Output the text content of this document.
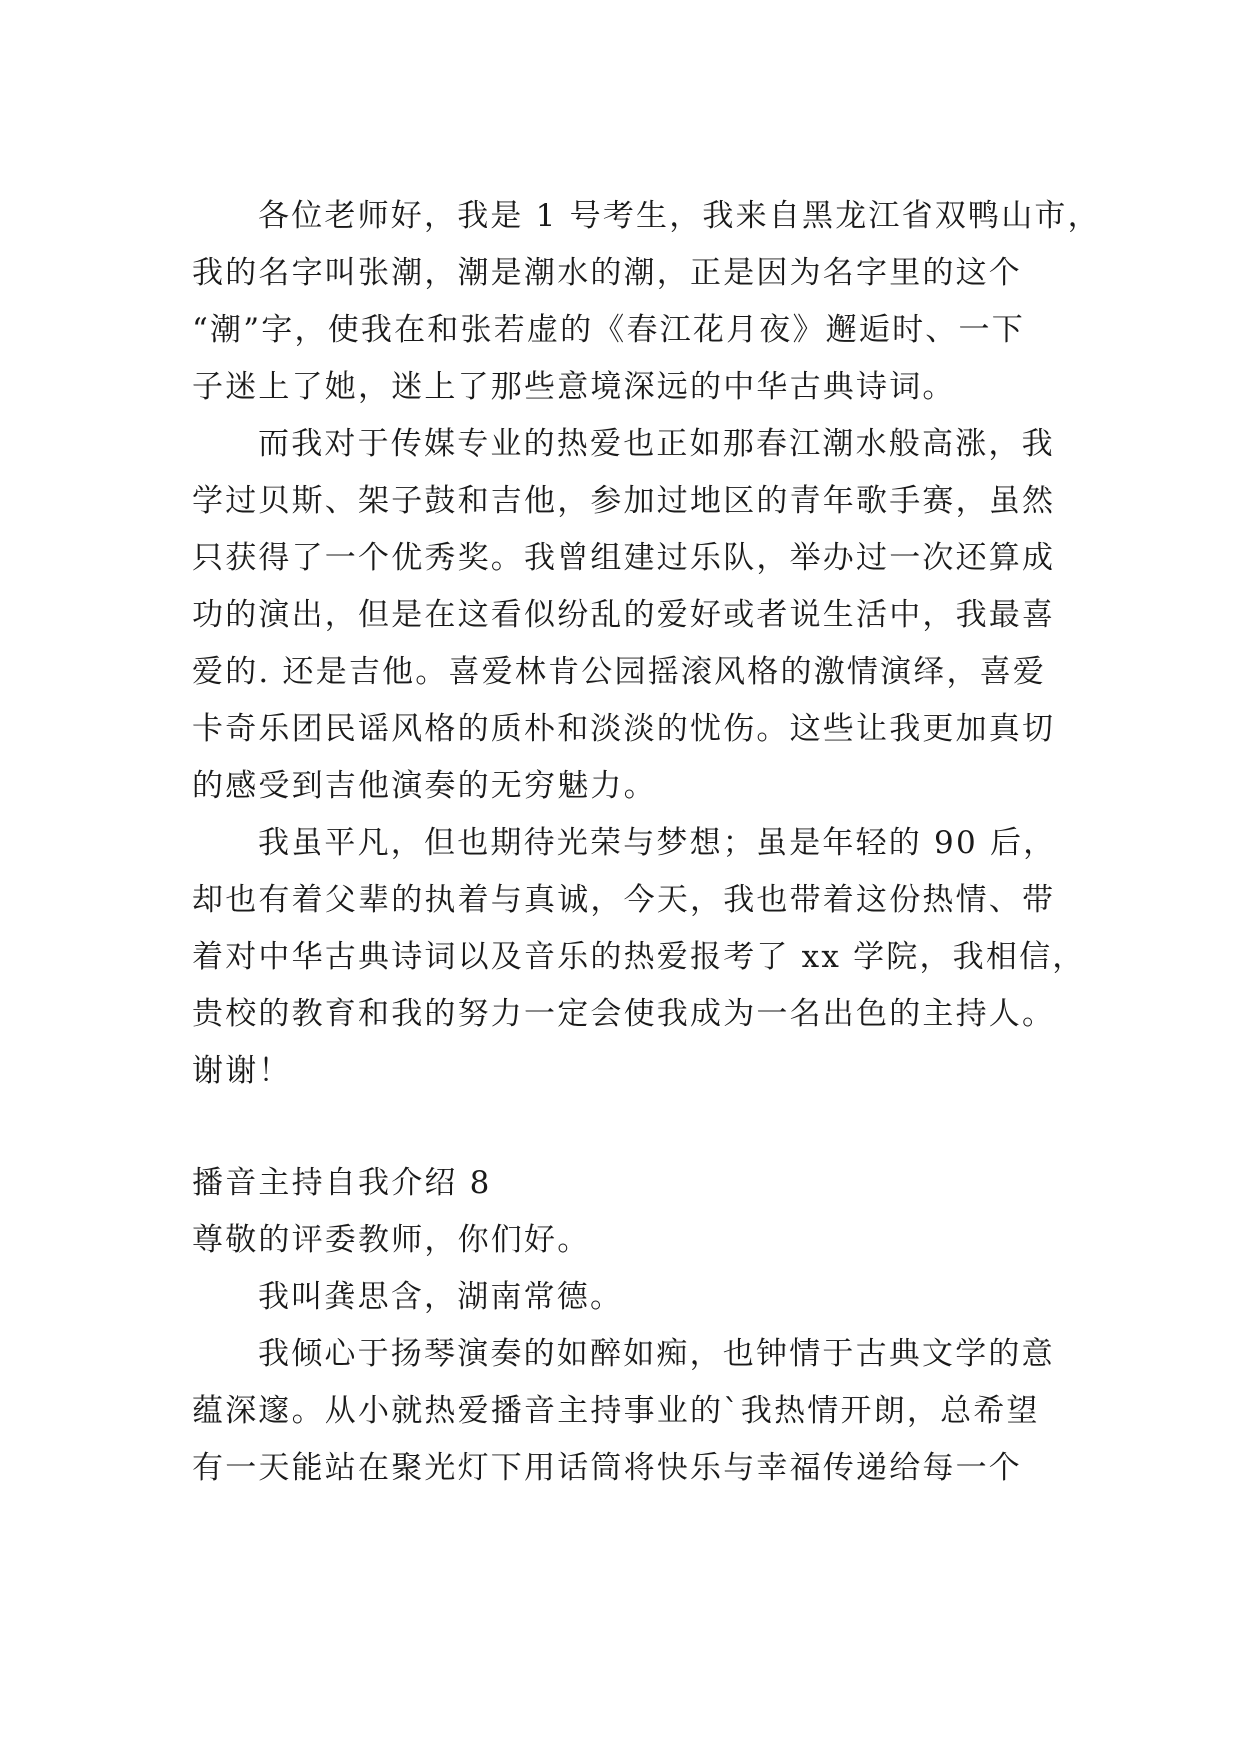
各位老师好，我是 1 号考生，我来自黑龙江省双鸭山市，
我的名字叫张潮，潮是潮水的潮，正是因为名字里的这个
“潮”字，使我在和张若虚的《春江花月夜》邂逅时、一下
子迷上了她，迷上了那些意境深远的中华古典诗词。
而我对于传媒专业的热爱也正如那春江潮水般高涨，我
学过贝斯、架子鼓和吉他，参加过地区的青年歌手赛，虽然
只获得了一个优秀奖。我曾组建过乐队，举办过一次还算成
功的演出，但是在这看似纷乱的爱好或者说生活中，我最喜
爱的. 还是吉他。喜爱林肯公园摇滚风格的激情演绎，喜爱
卡奇乐团民谣风格的质朴和淡淡的忧伤。这些让我更加真切
的感受到吉他演奏的无穷魅力。
我虽平凡，但也期待光荣与梦想；虽是年轻的 90 后，
却也有着父辈的执着与真诚，今天，我也带着这份热情、带
着对中华古典诗词以及音乐的热爱报考了 xx 学院，我相信，
贵校的教育和我的努力一定会使我成为一名出色的主持人。
谢谢！
播音主持自我介绍 8
尊敬的评委教师，你们好。
我叫龚思含，湖南常德。
我倾心于扬琴演奏的如醉如痴，也钟情于古典文学的意
蕴深邃。从小就热爱播音主持事业的`我热情开朗，总希望
有一天能站在聚光灯下用话筒将快乐与幸福传递给每一个
